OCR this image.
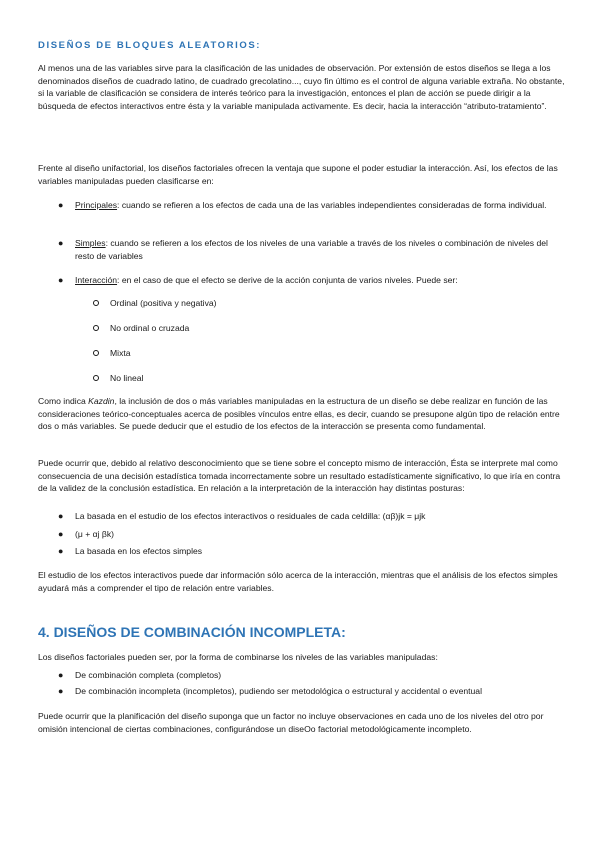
DISEÑOS DE BLOQUES ALEATORIOS:

Al menos una de las variables sirve para la clasificación de las unidades de observación. Por extensión de estos diseños se llega a los denominados diseños de cuadrado latino, de cuadrado grecolatino..., cuyo fin último es el control de alguna variable extraña. No obstante, si la variable de clasificación se considera de interés teórico para la investigación, entonces el plan de acción se puede dirigir a la búsqueda de efectos interactivos entre ésta y la variable manipulada activamente. Es decir, hacia la interacción “atributo-tratamiento”.

Frente al diseño unifactorial, los diseños factoriales ofrecen la ventaja que supone el poder estudiar la interacción. Así, los efectos de las variables manipuladas pueden clasificarse en:

● Principales: cuando se refieren a los efectos de cada una de las variables independientes consideradas de forma individual.
● Simples: cuando se refieren a los efectos de los niveles de una variable a través de los niveles o combinación de niveles del resto de variables
● Interacción: en el caso de que el efecto se derive de la acción conjunta de varios niveles. Puede ser:
Ordinal (positiva y negativa)
No ordinal o cruzada
Mixta
No lineal

Como indica Kazdin, la inclusión de dos o más variables manipuladas en la estructura de un diseño se debe realizar en función de las consideraciones teórico-conceptuales acerca de posibles vínculos entre ellas, es decir, cuando se presupone algún tipo de relación entre dos o más variables. Se puede deducir que el estudio de los efectos de la interacción se presenta como fundamental.

Puede ocurrir que, debido al relativo desconocimiento que se tiene sobre el concepto mismo de interacción, Ésta se interprete mal como consecuencia de una decisión estadística tomada incorrectamente sobre un resultado estadísticamente significativo, lo que iría en contra de la validez de la conclusión estadística. En relación a la interpretación de la interacción hay distintas posturas:

● La basada en el estudio de los efectos interactivos o residuales de cada celdilla: (αβ)jk = μjk
● (μ + αj βk)
● La basada en los efectos simples

El estudio de los efectos interactivos puede dar información sólo acerca de la interacción, mientras que el análisis de los efectos simples ayudará más a comprender el tipo de relación entre variables.

4. DISEÑOS DE COMBINACIÓN INCOMPLETA:

Los diseños factoriales pueden ser, por la forma de combinarse los niveles de las variables manipuladas:

● De combinación completa (completos)
● De combinación incompleta (incompletos), pudiendo ser metodológica o estructural y accidental o eventual

Puede ocurrir que la planificación del diseño suponga que un factor no incluye observaciones en cada uno de los niveles del otro por omisión intencional de ciertas combinaciones, configurándose un diseOo factorial metodológicamente incompleto.
